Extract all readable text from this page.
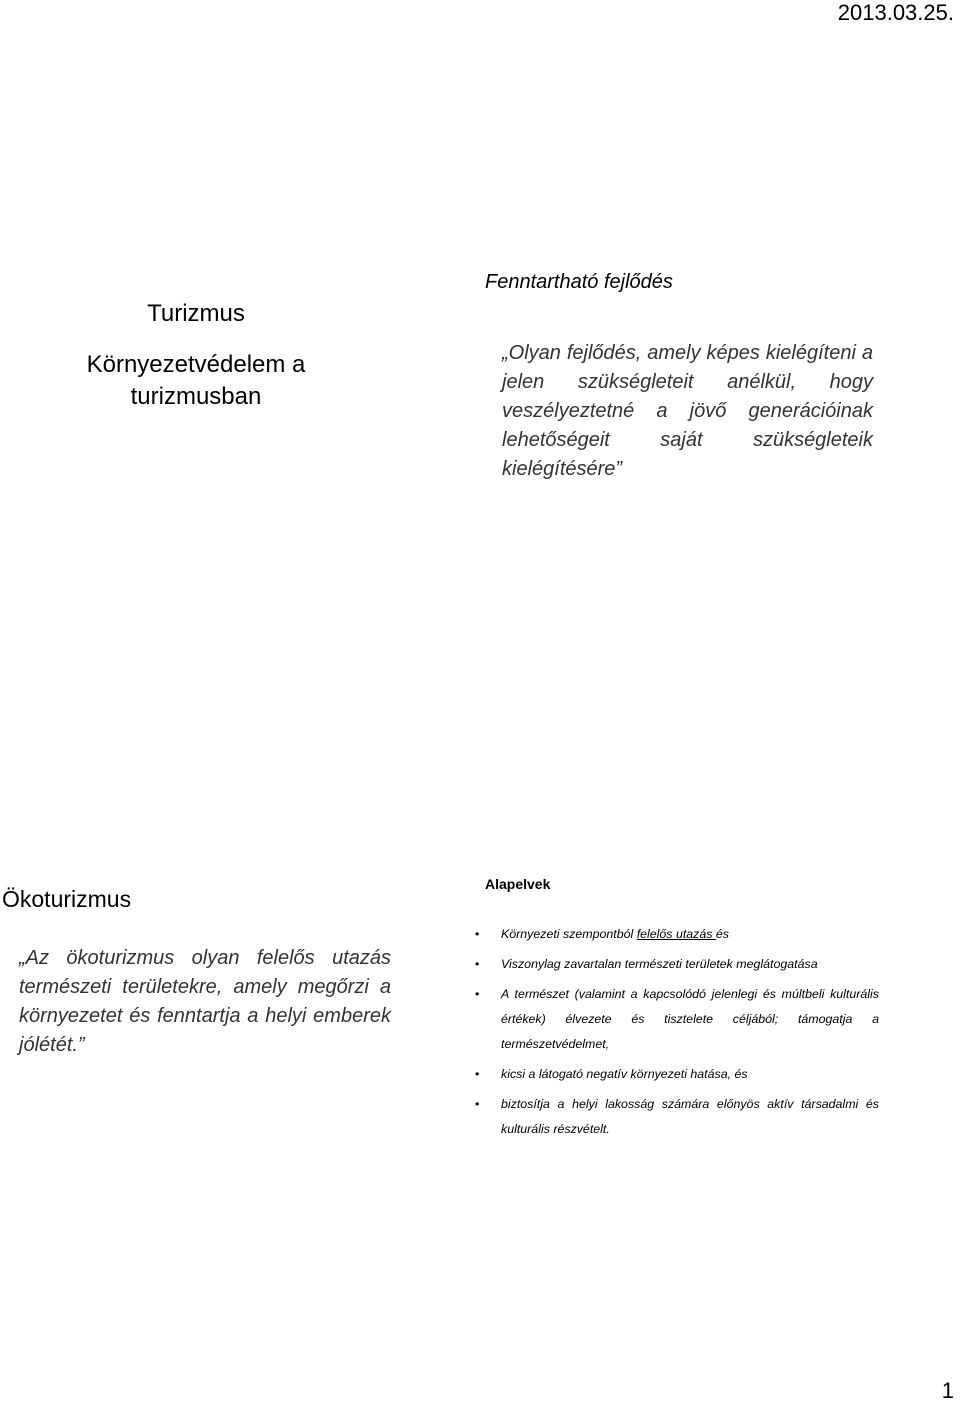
2013.03.25.
Turizmus
Környezetvédelem a turizmusban
Fenntartható fejlődés
„Olyan fejlődés, amely képes kielégíteni a jelen szükségleteit anélkül, hogy veszélyeztetné a jövő generációinak lehetőségeit saját szükségleteik kielégítésére”
Ökoturizmus
„Az ökoturizmus olyan felelős utazás természeti területekre, amely megőrzi a környezetet és fenntartja a helyi emberek jólétét.”
Alapelvek
• Környezeti szempontból felelős utazás és
• Viszonylag zavartalan természeti területek meglátogatása
• A természet (valamint a kapcsolódó jelenlegi és múltbeli kulturális értékek) élvezete és tisztelete céljából; támogatja a természetvédelmet,
• kicsi a látogató negatív környezeti hatása, és
• biztosítja a helyi lakosság számára előnyös aktív társadalmi és kulturális részvételt.
1
